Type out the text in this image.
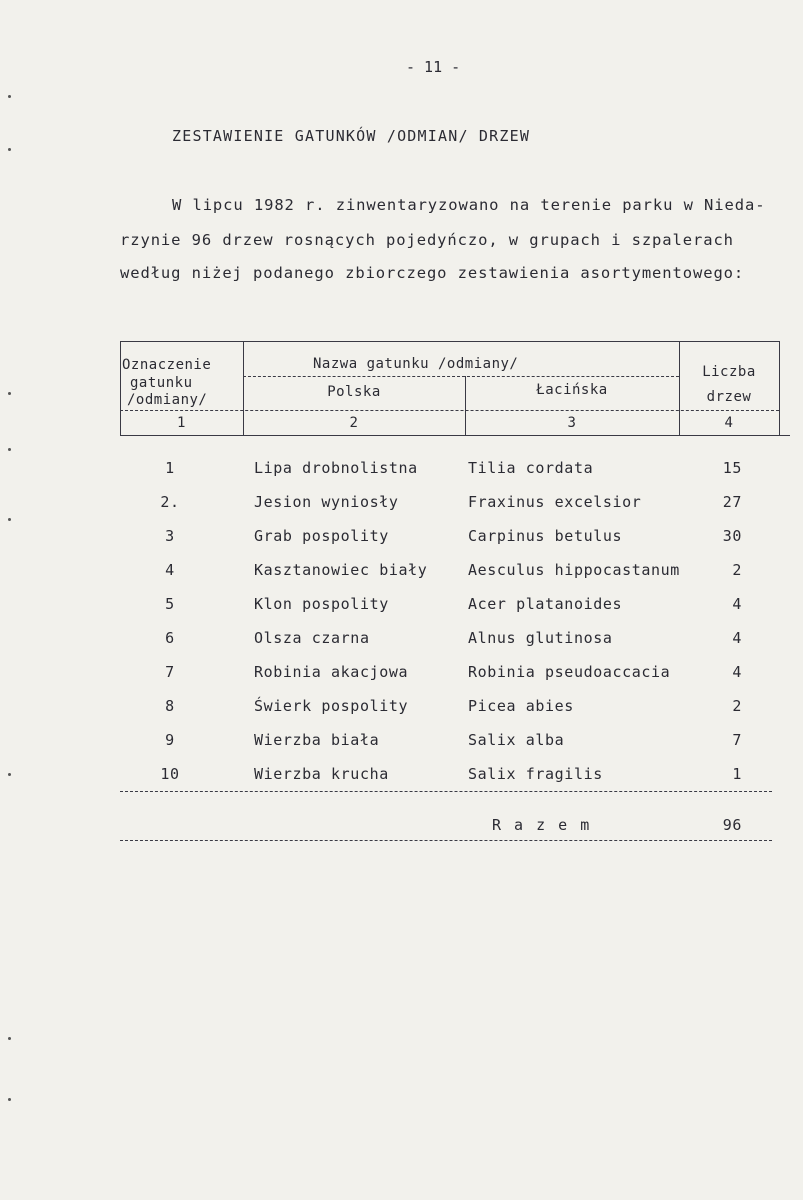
- 11 -
ZESTAWIENIE GATUNKÓW /ODMIAN/ DRZEW
W lipcu 1982 r. zinwentaryzowano na terenie parku w Nieda-
rzynie 96 drzew rosnących pojedyńczo, w grupach i szpalerach
według niżej podanego zbiorczego zestawienia asortymentowego:
Oznaczenie
gatunku
/odmiany/
Nazwa gatunku /odmiany/
Polska	Łacińska
Liczba
drzew
1	2	3	4
1	Lipa drobnolistna	Tilia cordata	15
2.	Jesion wyniosły	Fraxinus excelsior	27
3	Grab pospolity	Carpinus betulus	30
4	Kasztanowiec biały	Aesculus hippocastanum	2
5	Klon pospolity	Acer platanoides	4
6	Olsza czarna	Alnus glutinosa	4
7	Robinia akacjowa	Robinia pseudoaccacia	4
8	Świerk pospolity	Picea abies	2
9	Wierzba biała	Salix alba	7
10	Wierzba krucha	Salix fragilis	1
R a z e m	96
